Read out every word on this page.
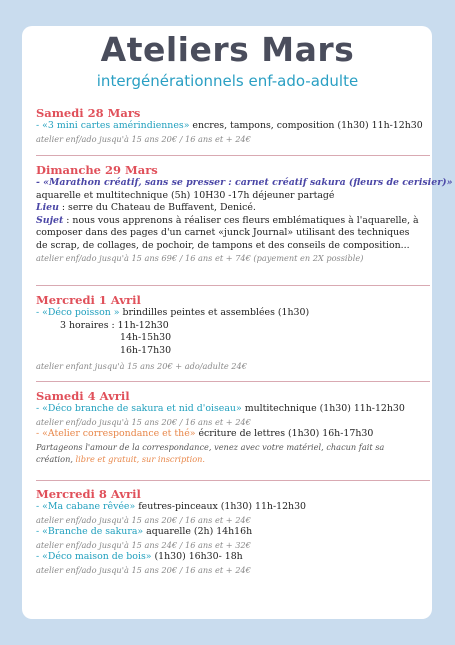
Ateliers Mars
intergénérationnels enf-ado-adulte
Samedi 28 Mars
- «3 mini cartes amérindiennes» encres, tampons, composition (1h30) 11h-12h30
atelier enf/ado jusqu'à 15 ans 20€ / 16 ans et + 24€
Dimanche 29 Mars
- «Marathon créatif, sans se presser : carnet créatif sakura (fleurs de cerisier)»
aquarelle et multitechnique (5h) 10H30 -17h déjeuner partagé
Lieu : serre du Chateau de Buffavent, Denicé.
Sujet : nous vous apprenons à réaliser ces fleurs emblématiques à l'aquarelle, à
composer dans des pages d'un carnet «junck Journal» utilisant des techniques
de scrap, de collages, de pochoir, de tampons et des conseils de composition...
atelier enf/ado jusqu'à 15 ans 69€ / 16 ans et + 74€ (payement en 2X possible)
Mercredi 1 Avril
- «Déco poisson » brindilles peintes et assemblées (1h30)
3 horaires : 11h-12h30
14h-15h30
16h-17h30
atelier enfant jusqu'à 15 ans 20€ + ado/adulte 24€
Samedi 4 Avril
- «Déco branche de sakura et nid d'oiseau» multitechnique (1h30) 11h-12h30
atelier enf/ado jusqu'à 15 ans 20€ / 16 ans et + 24€
- «Atelier correspondance et thé» écriture de lettres (1h30) 16h-17h30
Partageons l'amour de la correspondance, venez avec votre matériel, chacun fait sa
création, libre et gratuit, sur inscription.
Mercredi 8 Avril
- «Ma cabane rêvée» feutres-pinceaux (1h30) 11h-12h30
atelier enf/ado jusqu'à 15 ans 20€ / 16 ans et + 24€
- «Branche de sakura» aquarelle (2h) 14h16h
atelier enf/ado jusqu'à 15 ans 24€ / 16 ans et + 32€
- «Déco maison de bois» (1h30) 16h30- 18h
atelier enf/ado jusqu'à 15 ans 20€ / 16 ans et + 24€
